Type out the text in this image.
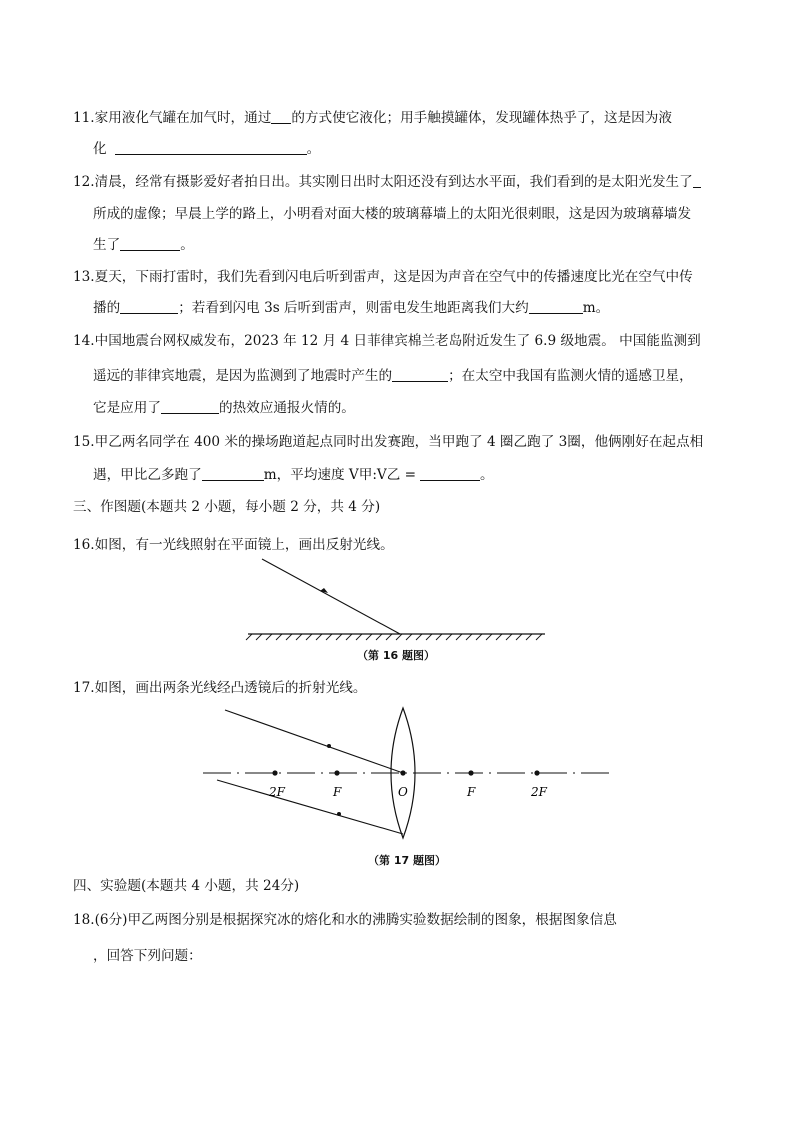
11.家用液化气罐在加气时，通过 的方式使它液化；用手触摸罐体，发现罐体热乎了，这是因为液
化	。
12.清晨，经常有摄影爱好者拍日出。其实刚日出时太阳还没有到达水平面，我们看到的是太阳光发生了
所成的虚像；早晨上学的路上，小明看对面大楼的玻璃幕墙上的太阳光很刺眼，这是因为玻璃幕墙发
生了	。
13.夏天，下雨打雷时，我们先看到闪电后听到雷声，这是因为声音在空气中的传播速度比光在空气中传
播的	；若看到闪电 3s 后听到雷声，则雷电发生地距离我们大约	m。
14.中国地震台网权威发布，2023 年 12 月 4 日菲律宾棉兰老岛附近发生了 6.9 级地震。 中国能监测到
遥远的菲律宾地震，是因为监测到了地震时产生的	；在太空中我国有监测火情的遥感卫星，
它是应用了	的热效应通报火情的。
15.甲乙两名同学在 400 米的操场跑道起点同时出发赛跑，当甲跑了 4 圈乙跑了 3圈，他俩刚好在起点相
遇，甲比乙多跑了	m，平均速度 V甲:V乙 =	。
三、作图题(本题共 2 小题，每小题 2 分，共 4 分)
16.如图，有一光线照射在平面镜上，画出反射光线。
（第 16 题图）
17.如图，画出两条光线经凸透镜后的折射光线。
2F	F	O	F	2F
（第 17 题图）
四、实验题(本题共 4 小题，共 24分)
18.(6分)甲乙两图分别是根据探究冰的熔化和水的沸腾实验数据绘制的图象，根据图象信息
，回答下列问题：
